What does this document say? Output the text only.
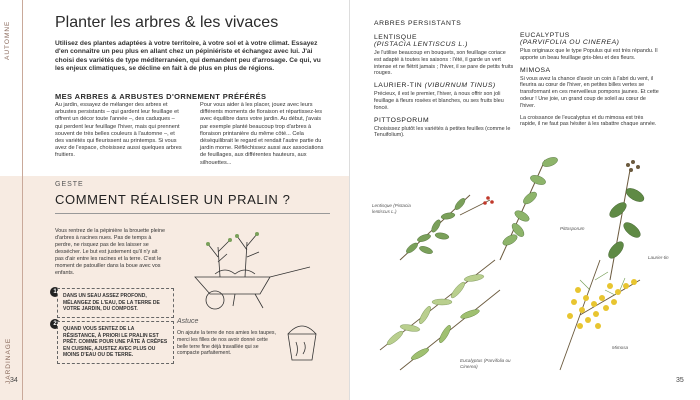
AUTOMNE	Planter les arbres & les vivaces
Utilisez des plantes adaptées à votre territoire, à votre sol et à votre climat. Essayez d'en connaître un peu plus en allant chez un pépiniériste et échangez avec lui. J'ai choisi des variétés de type méditerranéen, qui demandent peu d'arrosage. Ce qui, vu les enjeux climatiques, se décline en fait à de plus en plus de régions.
MES ARBRES & ARBUSTES D'ORNEMENT PRÉFÉRÉS
Au jardin, essayez de mélanger des arbres et arbustes persistants – qui gardent leur feuillage et offrent un décor toute l'année –, des caduques – qui perdent leur feuillage l'hiver, mais qui prennent souvent de très belles couleurs à l'automne –, et des variétés qui fleurissent au printemps. Si vous avez de l'espace, choisissez aussi quelques arbres fruitiers.
Pour vous aider à les placer, jouez avec leurs différents moments de floraison et répartissez-les avec équilibre dans votre jardin. Au début, j'avais par exemple planté beaucoup trop d'arbres à floraison printanière du même côté... Cela déséquilibrait le regard et rendait l'autre partie du jardin morne. Réfléchissez aussi aux associations de feuillages, aux différentes hauteurs, aux silhouettes...
JARDINAGE
GESTE
COMMENT RÉALISER UN PRALIN ?
Vous rentrez de la pépinière la brouette pleine d'arbres à racines nues. Pas de temps à perdre, ne risquez pas de les laisser se dessécher. Le but est justement qu'il n'y ait pas d'air entre les racines et la terre. C'est le moment de patouiller dans la boue avec vos enfants.
1
DANS UN SEAU ASSEZ PROFOND, MÉLANGEZ DE L'EAU, DE LA TERRE DE VOTRE JARDIN, DU COMPOST.
2
QUAND VOUS SENTEZ DE LA RÉSISTANCE, À PRIORI LE PRALIN EST PRÊT. COMME POUR UNE PÂTE À CRÊPES EN CUISINE, AJUSTEZ AVEC PLUS OU MOINS D'EAU OU DE TERRE.
Astuce
On ajoute la terre de nos amies les taupes, merci les filles de nos avoir donné cette belle terre fine déjà travaillée qui se compacte parfaitement.
34
ARBRES PERSISTANTS
LENTISQUE
(PISTACIA LENTISCUS L.)
Je l'utilise beaucoup en bouquets, son feuillage coriace est adapté à toutes les saisons : l'été, il garde un vert intense et ne flétrit jamais ; l'hiver, il se pare de petits fruits rouges.
LAURIER-TIN (VIBURNUM TINUS)
Précieux, il est le premier, l'hiver, à nous offrir son joli feuillage à fleurs rosées et blanches, ou ses fruits bleu foncé.
PITTOSPORUM
Choisissez plutôt les variétés à petites feuilles (comme le Tenuifolium).
EUCALYPTUS
(PARVIFOLIA OU CINEREA)
Plus originaux que le type Populus qui est très répandu. Il apporte un beau feuillage gris-bleu et des fleurs.
MIMOSA
Si vous avez la chance d'avoir un coin à l'abri du vent, il fleurira au cœur de l'hiver, en petites billes vertes se transformant en ces merveilleux pompons jaunes. Et cette odeur ! Une joie, un grand coup de soleil au cœur de l'hiver.
La croissance de l'eucalyptus et du mimosa est très rapide, il ne faut pas hésiter à les rabattre chaque année.
Lentisque (Pistacia lentiscus L.)
Pittosporum
Laurier-tin
Eucalyptus (Parvifolia ou Cinerea)
Mimosa
35
